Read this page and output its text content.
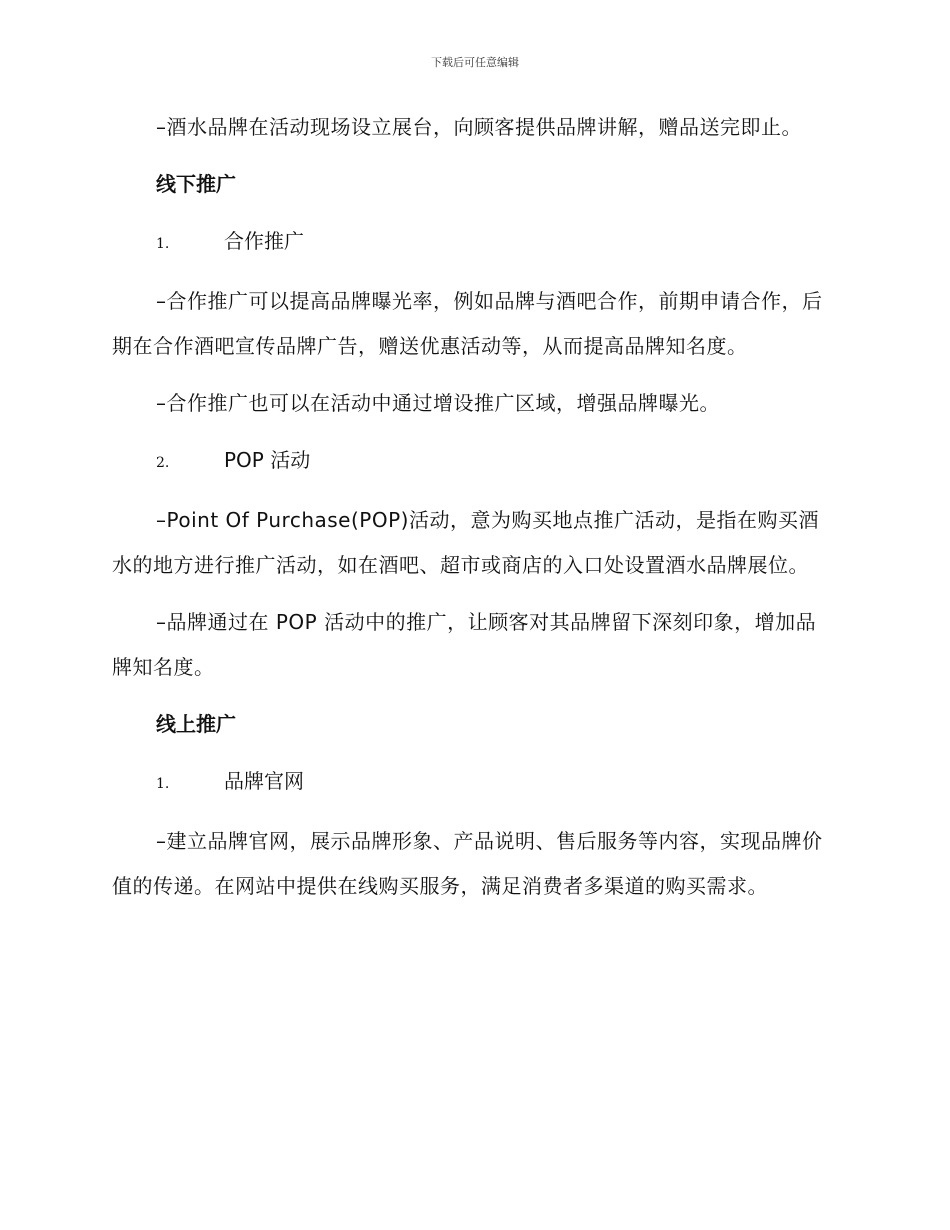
下载后可任意编辑

–酒水品牌在活动现场设立展台，向顾客提供品牌讲解，赠品送完即止。

线下推广
1.	合作推广

–合作推广可以提高品牌曝光率，例如品牌与酒吧合作，前期申请合作，后期在合作酒吧宣传品牌广告，赠送优惠活动等，从而提高品牌知名度。

–合作推广也可以在活动中通过增设推广区域，增强品牌曝光。

2.	POP 活动

–Point Of Purchase(POP)活动，意为购买地点推广活动，是指在购买酒水的地方进行推广活动，如在酒吧、超市或商店的入口处设置酒水品牌展位。

–品牌通过在 POP 活动中的推广，让顾客对其品牌留下深刻印象，增加品牌知名度。

线上推广
1.	品牌官网

–建立品牌官网，展示品牌形象、产品说明、售后服务等内容，实现品牌价值的传递。在网站中提供在线购买服务，满足消费者多渠道的购买需求。
